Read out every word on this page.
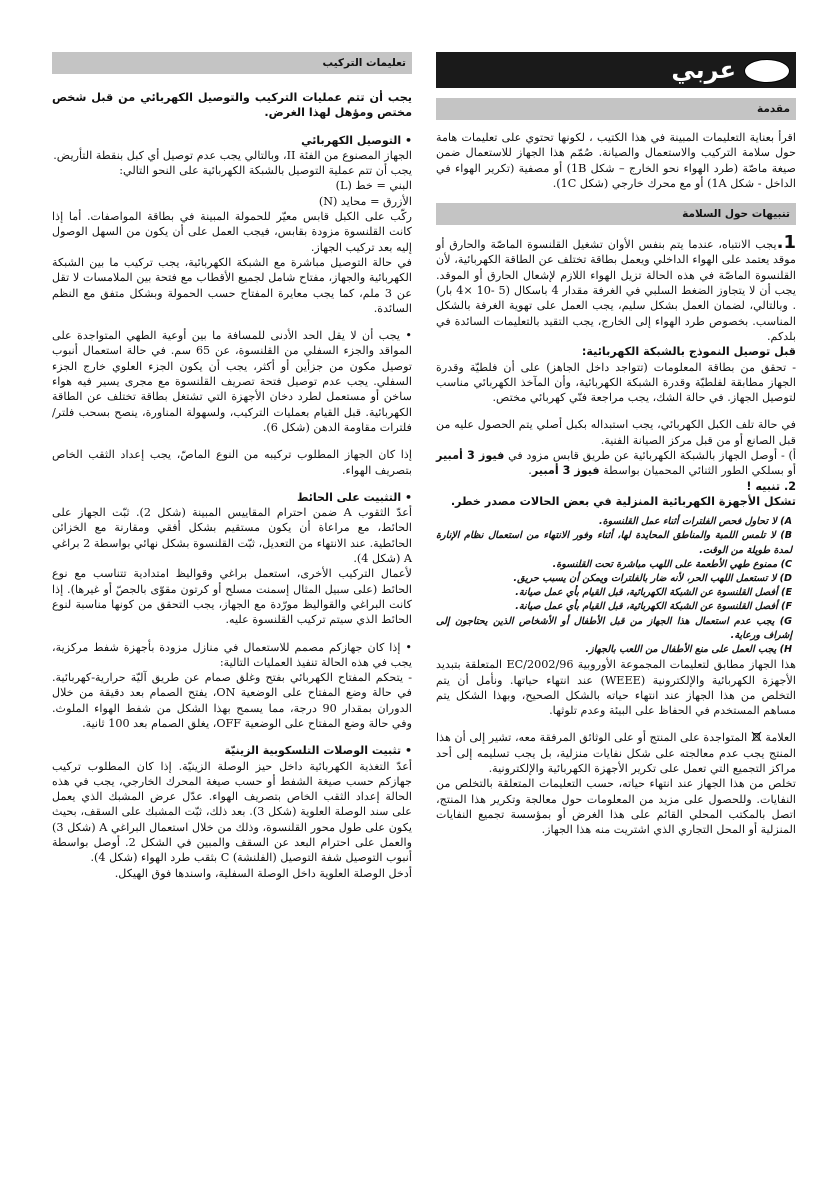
عربي
مقدمة

اقرأ بعناية التعليمات المبينة في هذا الكتيب ، لكونها تحتوي على تعليمات هامة حول سلامة التركيب والاستعمال والصيانة. صُمّم هذا الجهاز للاستعمال ضمن صيغة ماصّة (طرد الهواء نحو الخارج – شكل 1B) أو مصفية (تكرير الهواء في الداخل - شكل 1A) أو مع محرك خارجي (شكل 1C).

تنبيهات حول السلامة

1.يجب الانتباه، عندما يتم بنفس الأوان تشغيل القلنسوة الماصّة والحارق أو موقد يعتمد على الهواء الداخلي ويعمل بطاقة تختلف عن الطاقة الكهربائية، لأن القلنسوة الماصّة في هذه الحالة تزيل الهواء اللازم لإشعال الحارق أو الموقد. يجب أن لا يتجاوز الضغط السلبي في الغرفة مقدار 4 باسكال (5 -10 ×4 بار) . وبالتالي، لضمان العمل بشكل سليم، يجب العمل على تهوية الغرفة بالشكل المناسب. بخصوص طرد الهواء إلى الخارج، يجب التقيد بالتعليمات السائدة في بلدكم.

قبل توصيل النموذج بالشبكة الكهربائية:

- تحقق من بطاقة المعلومات (تتواجد داخل الجاهز) على أن فلطيّة وقدرة الجهاز مطابقة لفلطيّة وقدرة الشبكة الكهربائية، وأن المآخذ الكهربائي مناسب لتوصيل الجهاز. في حالة الشك، يجب مراجعة فنّي كهربائي مختص.

في حالة تلف الكبل الكهربائي، يجب استبداله بكبل أصلي يتم الحصول عليه من قبل الصانع أو من قبل مركز الصيانة الفنية.

أ) - أوصل الجهاز بالشبكة الكهربائية عن طريق قابس مزود في فيوز 3 أمبير أو بسلكي الطور الثنائي المحميان بواسطة فيوز 3 أمبير.

2. تنبيه !

تشكل الأجهزة الكهربائية المنزلية في بعض الحالات مصدر خطر.

A) لا تحاول فحص الفلترات أثناء عمل القلنسوة.

B) لا تلمس اللمبة والمناطق المحايدة لها، أثناء وفور الانتهاء من استعمال نظام الإنارة لمدة طويلة من الوقت.

C) ممنوع طهي الأطعمة على اللهب مباشرة تحت القلنسوة.

D) لا تستعمل اللهب الحر، لأنه ضار بالفلترات ويمكن أن يسبب حريق.

E) أفصل القلنسوة عن الشبكة الكهربائية، قبل القيام بأي عمل صيانة.

F) أفصل القلنسوة عن الشبكة الكهربائية، قبل القيام بأي عمل صيانة.

G) يجب عدم استعمال هذا الجهاز من قبل الأطفال أو الأشخاص الذين يحتاجون إلى إشراف ورعاية.

H) يجب العمل على منع الأطفال من اللعب بالجهاز.

هذا الجهاز مطابق لتعليمات المجموعة الأوروبية 2002/96/EC المتعلقة بتبديد الأجهزة الكهربائية والإلكترونية (WEEE) عند انتهاء حياتها. ونأمل أن يتم التخلص من هذا الجهاز عند انتهاء حياته بالشكل الصحيح، وبهذا الشكل يتم مساهم المستخدم في الحفاظ على البيئة وعدم تلوثها.

العلامة  المتواجدة على المنتج أو على الوثائق المرفقة معه، تشير إلى أن هذا المنتج يجب عدم معالجته على شكل نفايات منزلية، بل يجب تسليمه إلى أحد مراكز التجميع التي تعمل على تكرير الأجهزة الكهربائية والإلكترونية.

تخلص من هذا الجهاز عند انتهاء حياته، حسب التعليمات المتعلقة بالتخلص من النفايات. وللحصول على مزيد من المعلومات حول معالجة وتكرير هذا المنتج، اتصل بالمكتب المحلي القائم على هذا الغرض أو بمؤسسة تجميع النفايات المنزلية أو المحل التجاري الذي اشتريت منه هذا الجهاز.

تعليمات التركيب

يجب أن تتم عمليات التركيب والتوصيل الكهربائي من قبل شخص مختص ومؤهل لهذا الغرض.

• التوصيل الكهربائي

الجهاز المصنوع من الفئة II، وبالتالي يجب عدم توصيل أي كبل بنقطة التأريض.

يجب أن تتم عملية التوصيل بالشبكة الكهربائية على النحو التالي:

البني = خط (L)

الأزرق = محايد (N)

ركّب على الكبل قابس معيّر للحمولة المبينة في بطاقة المواصفات. أما إذا كانت القلنسوة مزودة بقابس، فيجب العمل على أن يكون من السهل الوصول إليه بعد تركيب الجهاز.

في حالة التوصيل مباشرة مع الشبكة الكهربائية، يجب تركيب ما بين الشبكة الكهربائية والجهاز، مفتاح شامل لجميع الأقطاب مع فتحة بين الملامسات لا تقل عن 3 ملم، كما يجب معايرة المفتاح حسب الحمولة وبشكل متفق مع النظم السائدة.

• يجب أن لا يقل الحد الأدنى للمسافة ما بين أوعية الطهي المتواجدة على المواقد والجزء السفلي من القلنسوة، عن 65 سم. في حالة استعمال أنبوب توصيل مكون من جزأين أو أكثر، يجب أن يكون الجزء العلوي خارج الجزء السفلي. يجب عدم توصيل فتحة تصريف القلنسوة مع مجرى يسير فيه هواء ساخن أو مستعمل لطرد دخان الأجهزة التي تشتغل بطاقة تختلف عن الطاقة الكهربائية. قبل القيام بعمليات التركيب، ولسهولة المناورة، ينصح بسحب فلتر/فلترات مقاومة الدهن (شكل 6).

إذا كان الجهاز المطلوب تركيبه من النوع الماصّ، يجب إعداد الثقب الخاص بتصريف الهواء.

• التثبيت على الحائط

أعدّ الثقوب A ضمن احترام المقاييس المبينة (شكل 2). ثبّت الجهاز على الحائط، مع مراعاة أن يكون مستقيم بشكل أفقي ومقارنة مع الخزائن الحائطية. عند الانتهاء من التعديل، ثبّت القلنسوة بشكل نهائي بواسطة 2 براغي A (شكل 4).

لأعمال التركيب الأخرى، استعمل براغي وقواليظ امتدادية تتناسب مع نوع الحائط (على سبيل المثال إسمنت مسلح أو كرتون مقوّى بالجصّ أو غيرها). إذا كانت البراغي والقواليظ مورّدة مع الجهاز، يجب التحقق من كونها مناسبة لنوع الحائط الذي سيتم تركيب القلنسوة عليه.

• إذا كان جهازكم مصمم للاستعمال في منازل مزودة بأجهزة شفط مركزية، يجب في هذه الحالة تنفيذ العمليات التالية:

- يتحكم المفتاح الكهربائي بفتح وغلق صمام عن طريق آليّة حرارية-كهربائية. في حالة وضع المفتاح على الوضعية ON، يفتح الصمام بعد دقيقة من خلال الدوران بمقدار 90 درجة، مما يسمح بهذا الشكل من شفط الهواء الملوث. وفي حالة وضع المفتاح على الوضعية OFF، يغلق الصمام بعد 100 ثانية.

• تثبيت الوصلات التلسكوبية الزينيّة

أعدّ التغذية الكهربائية داخل حيز الوصلة الزينيّة. إذا كان المطلوب تركيب جهازكم حسب صيغة الشفط أو حسب صيغة المحرك الخارجي، يجب في هذه الحالة إعداد الثقب الخاص بتصريف الهواء. عدّل عرض المشبك الذي يعمل على سند الوصلة العلوية (شكل 3). بعد ذلك، ثبّت المشبك على السقف، بحيث يكون على طول محور القلنسوة، وذلك من خلال استعمال البراغي A (شكل 3) والعمل على احترام البعد عن السقف والمبين في الشكل 2. أوصل بواسطة أنبوب التوصيل شفة التوصيل (الفلنشة) C بثقب طرد الهواء (شكل 4).

أدخل الوصلة العلوية داخل الوصلة السفلية، واسندها فوق الهيكل.
